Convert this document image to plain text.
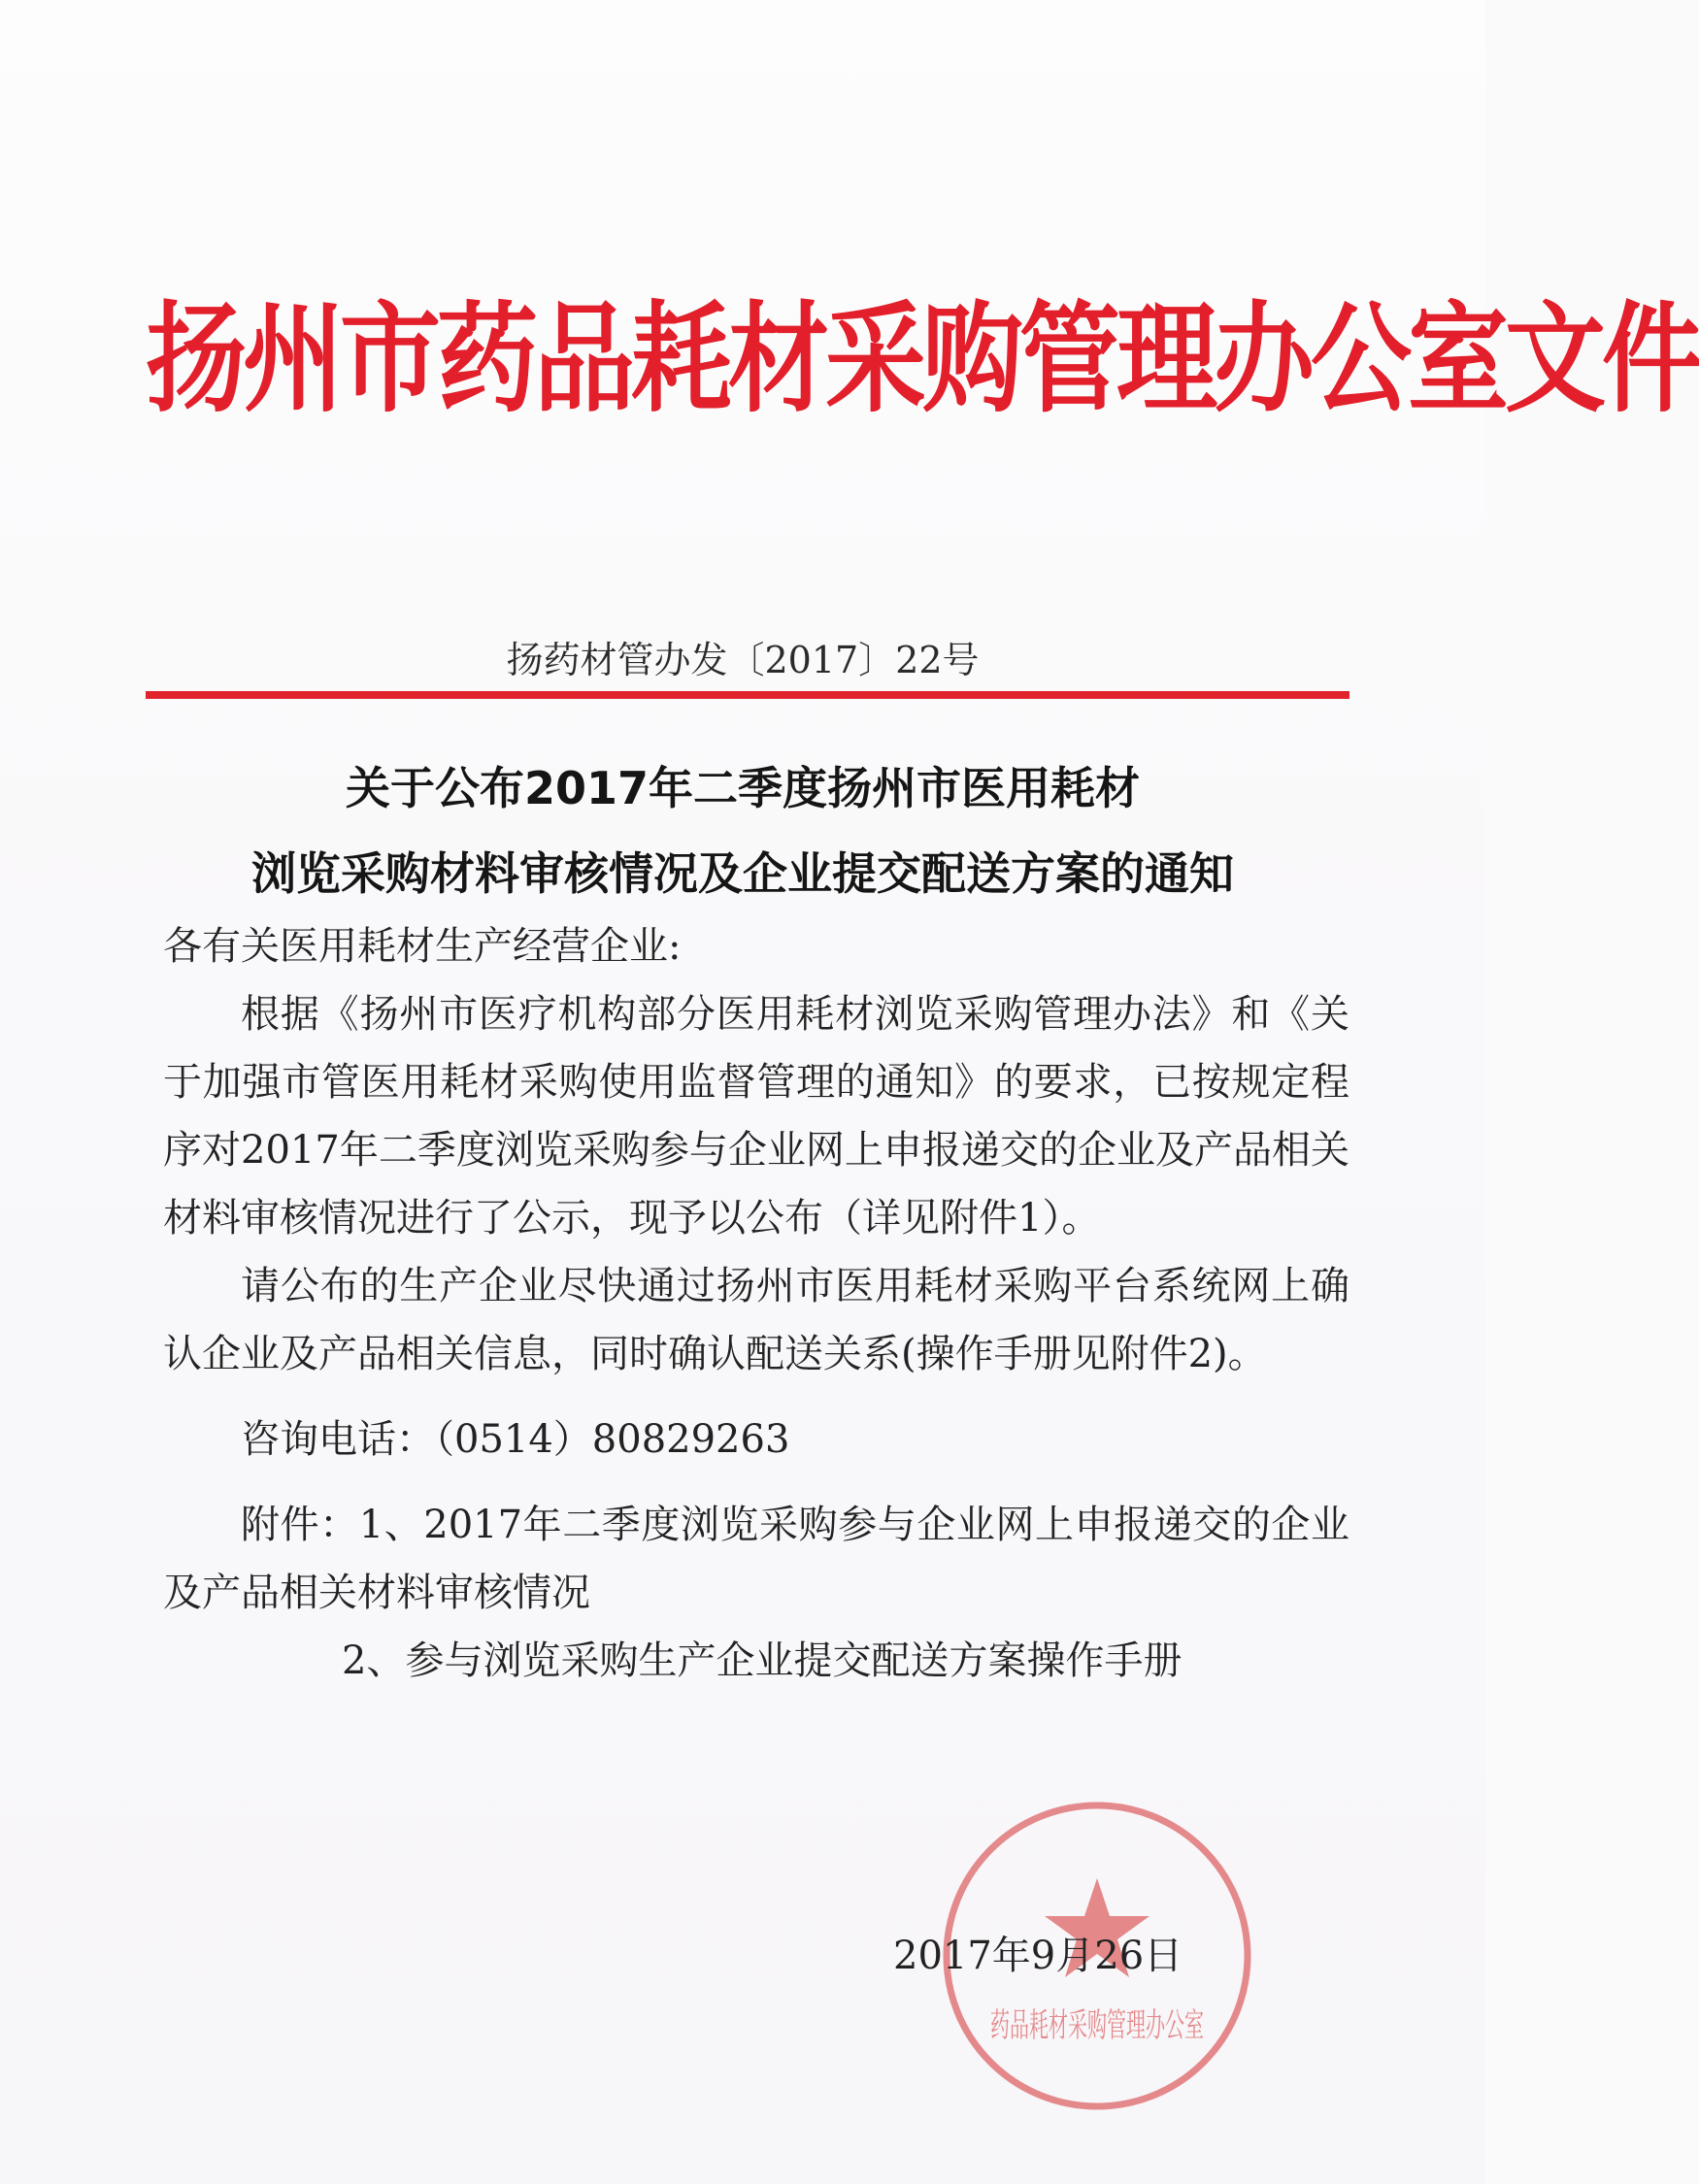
扬州市药品耗材采购管理办公室文件
扬药材管办发〔2017〕22号
关于公布2017年二季度扬州市医用耗材
浏览采购材料审核情况及企业提交配送方案的通知

各有关医用耗材生产经营企业:

根据《扬州市医疗机构部分医用耗材浏览采购管理办法》和《关于加强市管医用耗材采购使用监督管理的通知》的要求，已按规定程序对2017年二季度浏览采购参与企业网上申报递交的企业及产品相关材料审核情况进行了公示，现予以公布（详见附件1）。

请公布的生产企业尽快通过扬州市医用耗材采购平台系统网上确认企业及产品相关信息，同时确认配送关系(操作手册见附件2)。

咨询电话：（0514）80829263

附件：1、2017年二季度浏览采购参与企业网上申报递交的企业及产品相关材料审核情况

2、参与浏览采购生产企业提交配送方案操作手册

药品耗材采购管理办公室
2017年9月26日
